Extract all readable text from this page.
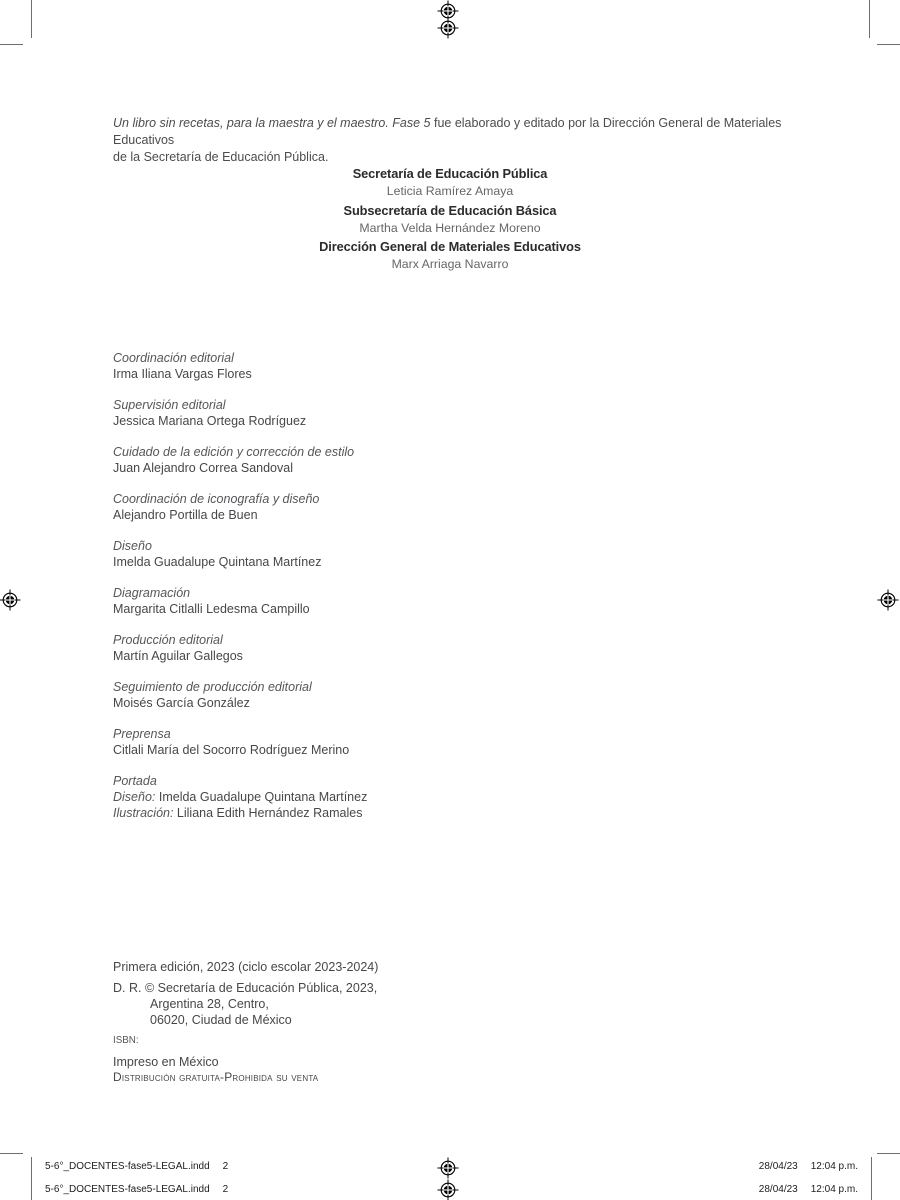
Un libro sin recetas, para la maestra y el maestro. Fase 5 fue elaborado y editado por la Dirección General de Materiales Educativos
de la Secretaría de Educación Pública.

Secretaría de Educación Pública
Leticia Ramírez Amaya
Subsecretaría de Educación Básica
Martha Velda Hernández Moreno
Dirección General de Materiales Educativos
Marx Arriaga Navarro
Coordinación editorial
Irma Iliana Vargas Flores
Supervisión editorial
Jessica Mariana Ortega Rodríguez
Cuidado de la edición y corrección de estilo
Juan Alejandro Correa Sandoval
Coordinación de iconografía y diseño
Alejandro Portilla de Buen
Diseño
Imelda Guadalupe Quintana Martínez
Diagramación
Margarita Citlalli Ledesma Campillo
Producción editorial
Martín Aguilar Gallegos
Seguimiento de producción editorial
Moisés García González
Preprensa
Citlali María del Socorro Rodríguez Merino
Portada
Diseño: Imelda Guadalupe Quintana Martínez
Ilustración: Liliana Edith Hernández Ramales
Primera edición, 2023 (ciclo escolar 2023-2024)
D. R. © Secretaría de Educación Pública, 2023,
Argentina 28, Centro,
06020, Ciudad de México
ISBN:
Impreso en México
Distribución gratuita-Prohibida su venta
5-6°_DOCENTES-fase5-LEGAL.indd 2
5-6°_DOCENTES-fase5-LEGAL.indd 2
28/04/23 12:04 p.m.
28/04/23 12:04 p.m.
